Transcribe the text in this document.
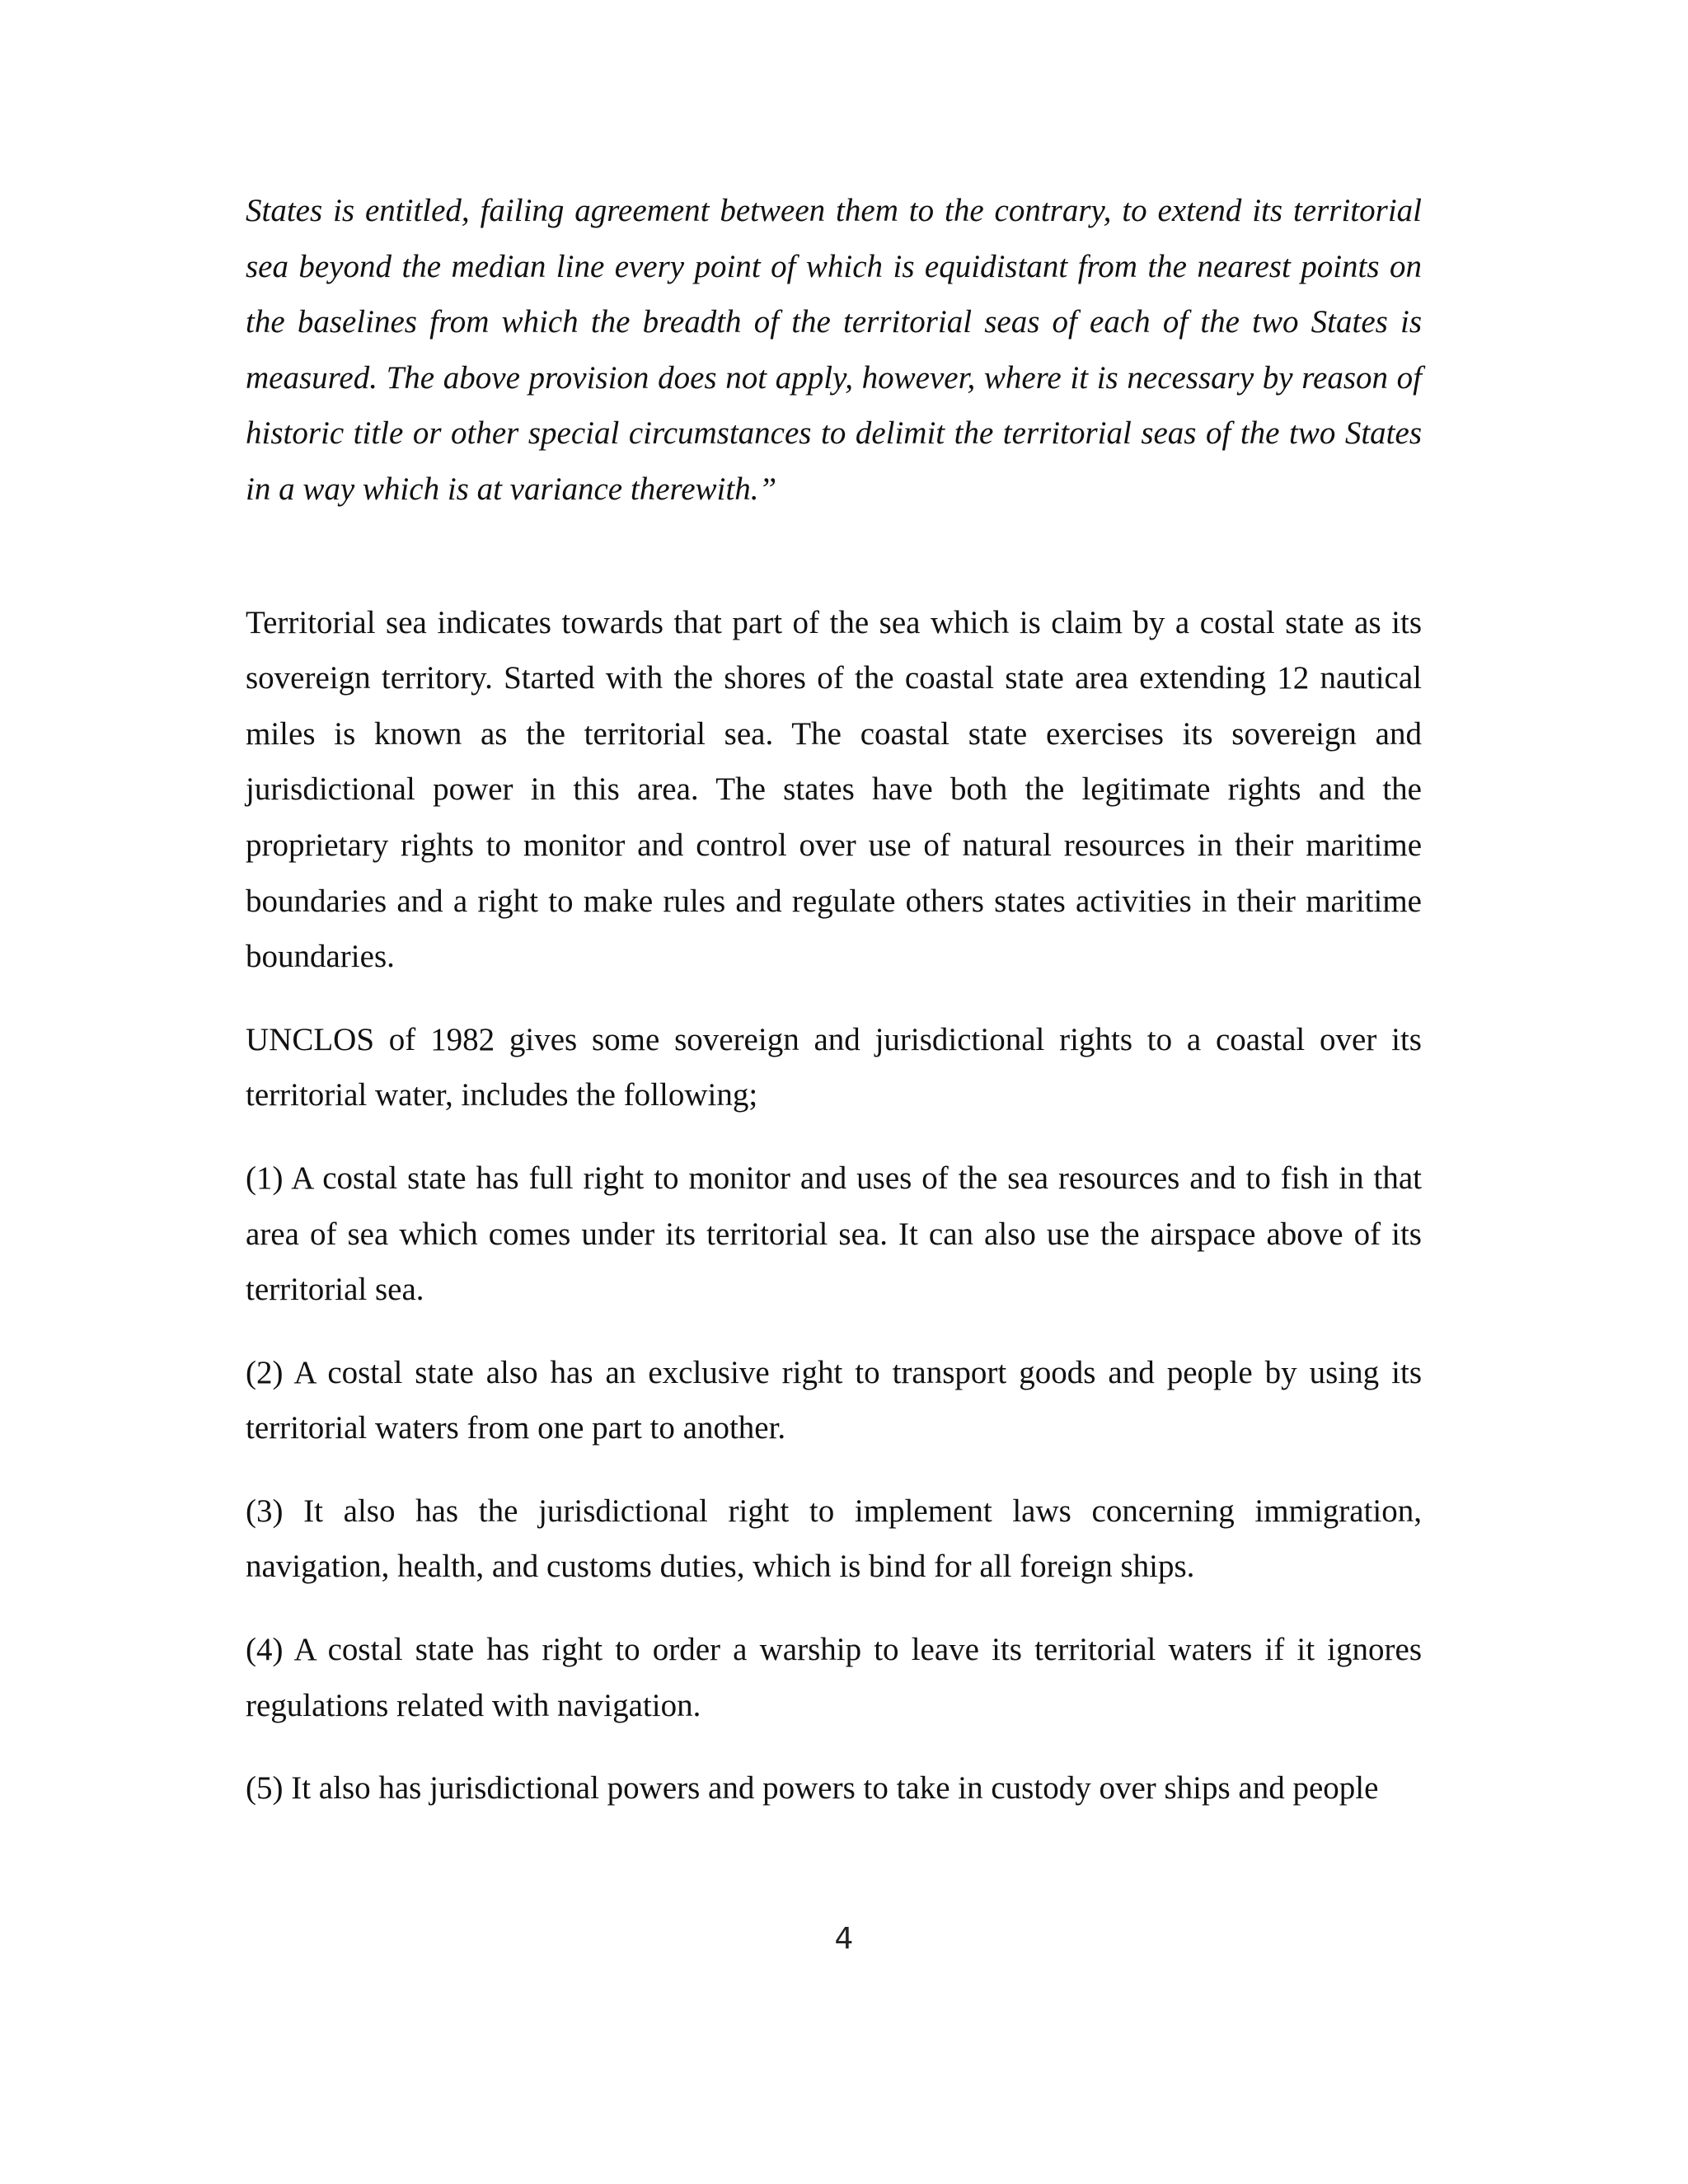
States is entitled, failing agreement between them to the contrary, to extend its territorial sea beyond the median line every point of which is equidistant from the nearest points on the baselines from which the breadth of the territorial seas of each of the two States is measured. The above provision does not apply, however, where it is necessary by reason of historic title or other special circumstances to delimit the territorial seas of the two States in a way which is at variance therewith.”

Territorial sea indicates towards that part of the sea which is claim by a costal state as its sovereign territory. Started with the shores of the coastal state area extending 12 nautical miles is known as the territorial sea. The coastal state exercises its sovereign and jurisdictional power in this area. The states have both the legitimate rights and the proprietary rights to monitor and control over use of natural resources in their maritime boundaries and a right to make rules and regulate others states activities in their maritime boundaries.

UNCLOS of 1982 gives some sovereign and jurisdictional rights to a coastal over its territorial water, includes the following;

(1) A costal state has full right to monitor and uses of the sea resources and to fish in that area of sea which comes under its territorial sea. It can also use the airspace above of its territorial sea.

(2) A costal state also has an exclusive right to transport goods and people by using its territorial waters from one part to another.

(3) It also has the jurisdictional right to implement laws concerning immigration, navigation, health, and customs duties, which is bind for all foreign ships.

(4) A costal state has right to order a warship to leave its territorial waters if it ignores regulations related with navigation.

(5) It also has jurisdictional powers and powers to take in custody over ships and people

4
